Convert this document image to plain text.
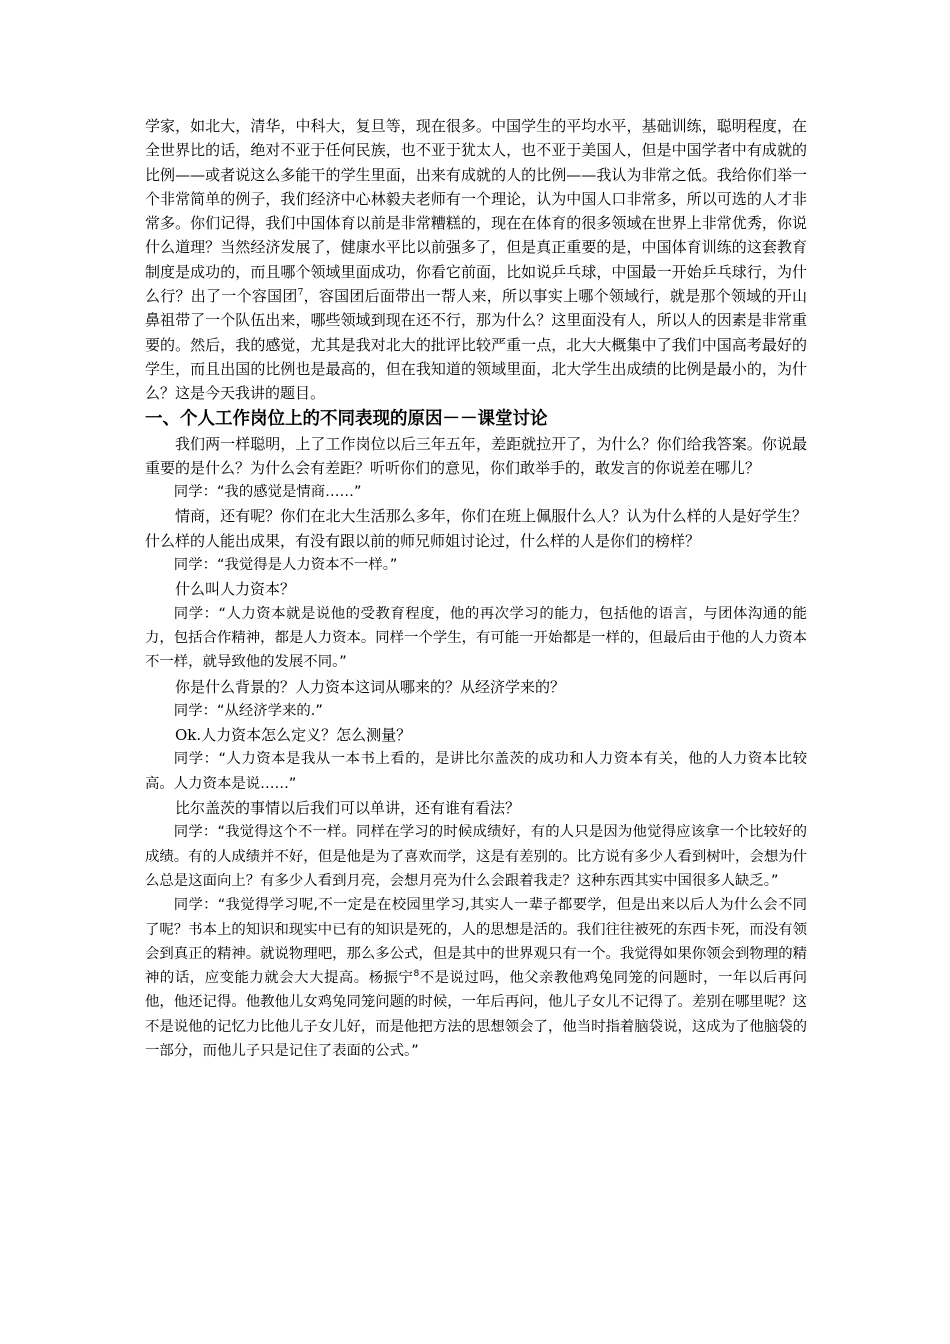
学家，如北大，清华，中科大，复旦等，现在很多。中国学生的平均水平，基础训练，聪明程度，在全世界比的话，绝对不亚于任何民族，也不亚于犹太人，也不亚于美国人，但是中国学者中有成就的比例——或者说这么多能干的学生里面，出来有成就的人的比例——我认为非常之低。我给你们举一个非常简单的例子，我们经济中心林毅夫老师有一个理论，认为中国人口非常多，所以可选的人才非常多。你们记得，我们中国体育以前是非常糟糕的，现在在体育的很多领域在世界上非常优秀，你说什么道理？当然经济发展了，健康水平比以前强多了，但是真正重要的是，中国体育训练的这套教育制度是成功的，而且哪个领域里面成功，你看它前面，比如说乒乓球，中国最一开始乒乓球行，为什么行？出了一个容国团$^7$，容国团后面带出一帮人来，所以事实上哪个领域行，就是那个领域的开山鼻祖带了一个队伍出来，哪些领域到现在还不行，那为什么？这里面没有人，所以人的因素是非常重要的。然后，我的感觉，尤其是我对北大的批评比较严重一点，北大大概集中了我们中国高考最好的学生，而且出国的比例也是最高的，但在我知道的领域里面，北大学生出成绩的比例是最小的，为什么？这是今天我讲的题目。

一、个人工作岗位上的不同表现的原因－－课堂讨论

我们两一样聪明，上了工作岗位以后三年五年，差距就拉开了，为什么？你们给我答案。你说最重要的是什么？为什么会有差距？听听你们的意见，你们敢举手的，敢发言的你说差在哪儿？

同学：“我的感觉是情商……”

情商，还有呢？你们在北大生活那么多年，你们在班上佩服什么人？认为什么样的人是好学生？什么样的人能出成果，有没有跟以前的师兄师姐讨论过，什么样的人是你们的榜样？

同学：“我觉得是人力资本不一样。”

什么叫人力资本？

同学：“人力资本就是说他的受教育程度，他的再次学习的能力，包括他的语言，与团体沟通的能力，包括合作精神，都是人力资本。同样一个学生，有可能一开始都是一样的，但最后由于他的人力资本不一样，就导致他的发展不同。”

你是什么背景的？人力资本这词从哪来的？从经济学来的？

同学：“从经济学来的.”

Ok.人力资本怎么定义？怎么测量？

同学：“人力资本是我从一本书上看的，是讲比尔盖茨的成功和人力资本有关，他的人力资本比较高。人力资本是说……”

比尔盖茨的事情以后我们可以单讲，还有谁有看法？

同学：“我觉得这个不一样。同样在学习的时候成绩好，有的人只是因为他觉得应该拿一个比较好的成绩。有的人成绩并不好，但是他是为了喜欢而学，这是有差别的。比方说有多少人看到树叶，会想为什么总是这面向上？有多少人看到月亮，会想月亮为什么会跟着我走？这种东西其实中国很多人缺乏。”

同学：“我觉得学习呢,不一定是在校园里学习,其实人一辈子都要学，但是出来以后人为什么会不同了呢？书本上的知识和现实中已有的知识是死的，人的思想是活的。我们往往被死的东西卡死，而没有领会到真正的精神。就说物理吧，那么多公式，但是其中的世界观只有一个。我觉得如果你领会到物理的精神的话，应变能力就会大大提高。杨振宁$^8$不是说过吗，他父亲教他鸡兔同笼的问题时，一年以后再问他，他还记得。他教他儿女鸡兔同笼问题的时候，一年后再问，他儿子女儿不记得了。差别在哪里呢？这不是说他的记忆力比他儿子女儿好，而是他把方法的思想领会了，他当时指着脑袋说，这成为了他脑袋的一部分，而他儿子只是记住了表面的公式。”
